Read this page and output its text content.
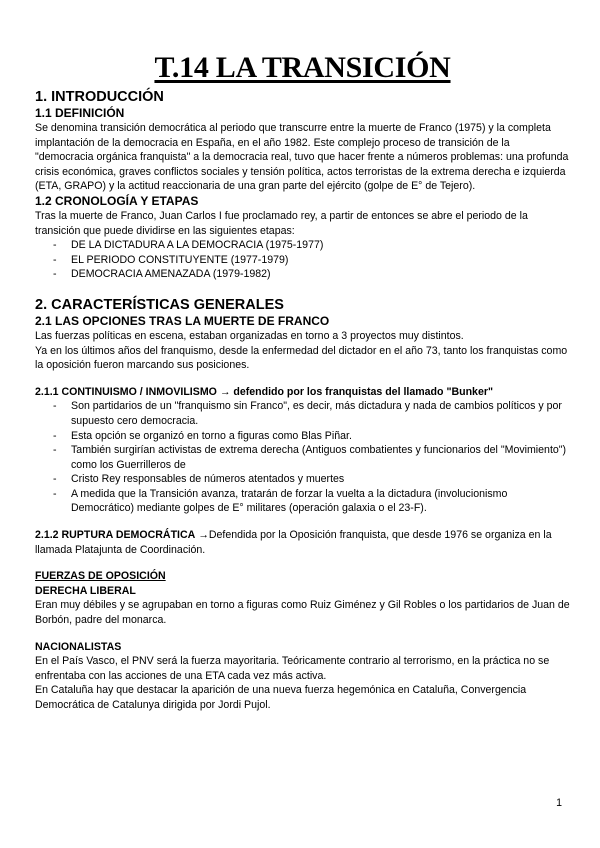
T.14 LA TRANSICIÓN
1. INTRODUCCIÓN
1.1 DEFINICIÓN

Se denomina transición democrática al periodo que transcurre entre la muerte de Franco (1975) y la completa implantación de la democracia en España, en el año 1982. Este complejo proceso de transición de la "democracia orgánica franquista" a la democracia real, tuvo que hacer frente a números problemas: una profunda crisis económica, graves conflictos sociales y tensión política, actos terroristas de la extrema derecha e izquierda (ETA, GRAPO) y la actitud reaccionaria de una gran parte del ejército (golpe de E° de Tejero).

1.2 CRONOLOGÍA Y ETAPAS

Tras la muerte de Franco, Juan Carlos I fue proclamado rey, a partir de entonces se abre el periodo de la transición que puede dividirse en las siguientes etapas:

- DE LA DICTADURA A LA DEMOCRACIA (1975-1977)
- EL PERIODO CONSTITUYENTE (1977-1979)
- DEMOCRACIA AMENAZADA (1979-1982)
2. CARACTERÍSTICAS GENERALES
2.1 LAS OPCIONES TRAS LA MUERTE DE FRANCO

Las fuerzas políticas en escena, estaban organizadas en torno a 3 proyectos muy distintos.

Ya en los últimos años del franquismo, desde la enfermedad del dictador en el año 73, tanto los franquistas como la oposición fueron marcando sus posiciones.

2.1.1 CONTINUISMO / INMOVILISMO → defendido por los franquistas del llamado "Bunker"

- Son partidarios de un "franquismo sin Franco", es decir, más dictadura y nada de cambios políticos y por supuesto cero democracia.
- Esta opción se organizó en torno a figuras como Blas Piñar.
- También surgirían activistas de extrema derecha (Antiguos combatientes y funcionarios del "Movimiento") como los Guerrilleros de
- Cristo Rey responsables de números atentados y muertes
- A medida que la Transición avanza, tratarán de forzar la vuelta a la dictadura (involucionismo Democrático) mediante golpes de E° militares (operación galaxia o el 23-F).

2.1.2 RUPTURA DEMOCRÁTICA →Defendida por la Oposición franquista, que desde 1976 se organiza en la llamada Platajunta de Coordinación.

FUERZAS DE OPOSICIÓN

DERECHA LIBERAL

Eran muy débiles y se agrupaban en torno a figuras como Ruiz Giménez y Gil Robles o los partidarios de Juan de Borbón, padre del monarca.

NACIONALISTAS

En el País Vasco, el PNV será la fuerza mayoritaria. Teóricamente contrario al terrorismo, en la práctica no se enfrentaba con las acciones de una ETA cada vez más activa.

En Cataluña hay que destacar la aparición de una nueva fuerza hegemónica en Cataluña, Convergencia Democrática de Catalunya dirigida por Jordi Pujol.

1
